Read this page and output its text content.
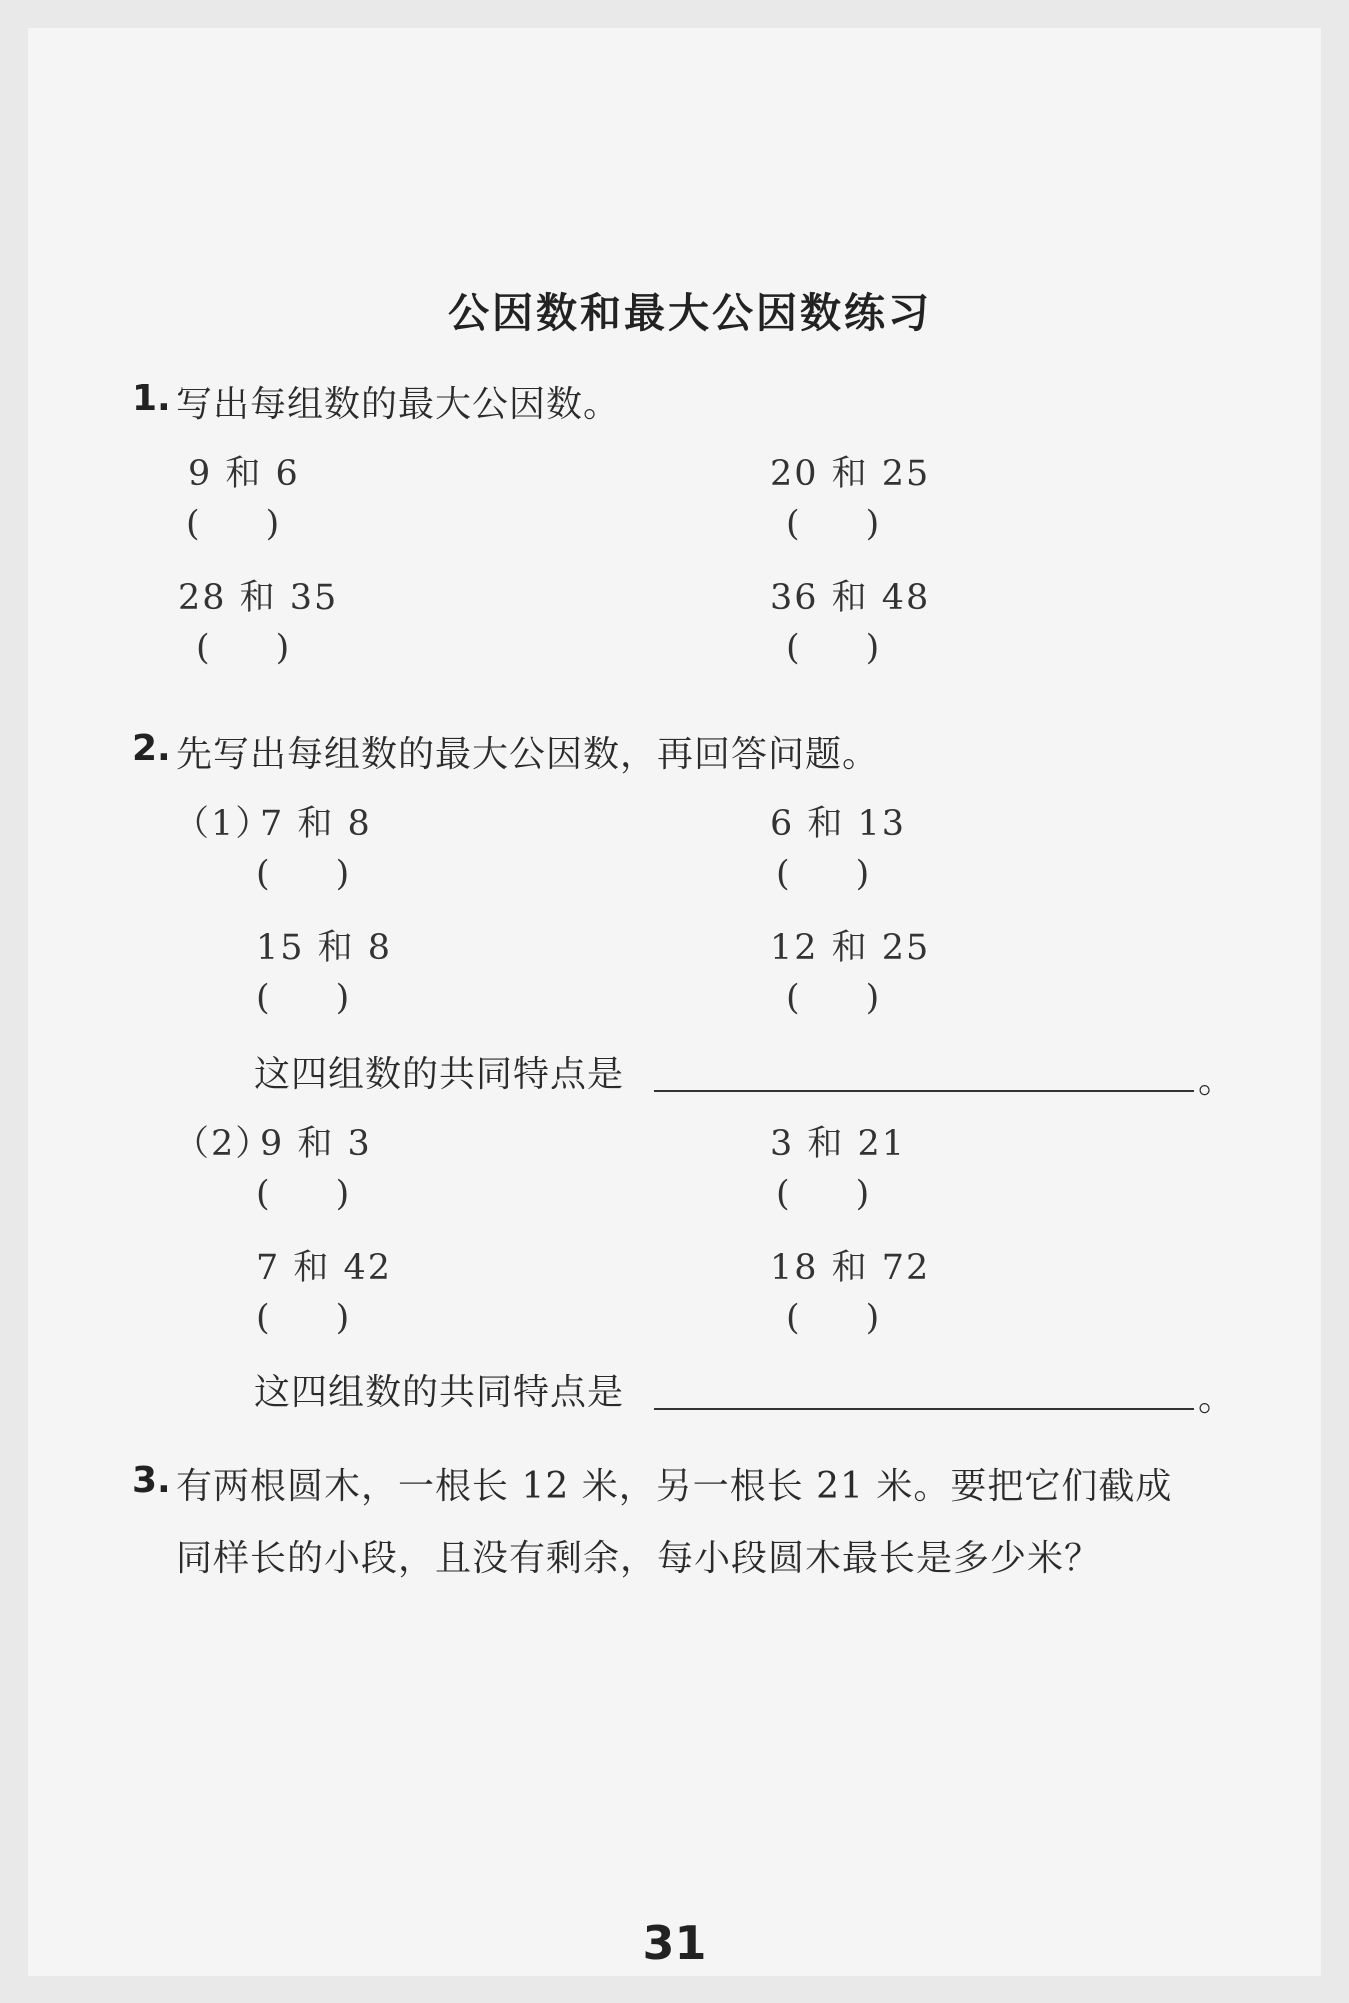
公因数和最大公因数练习
1. 写出每组数的最大公因数。
9 和 6
( )
20 和 25
( )
28 和 35
( )
36 和 48
( )
2. 先写出每组数的最大公因数，再回答问题。
（1）
7 和 8
( )
6 和 13
( )
15 和 8
( )
12 和 25
( )
这四组数的共同特点是	。
（2）
9 和 3
( )
3 和 21
( )
7 和 42
( )
18 和 72
( )
这四组数的共同特点是	。
3. 有两根圆木，一根长 12 米，另一根长 21 米。要把它们截成
同样长的小段，且没有剩余，每小段圆木最长是多少米？
31
